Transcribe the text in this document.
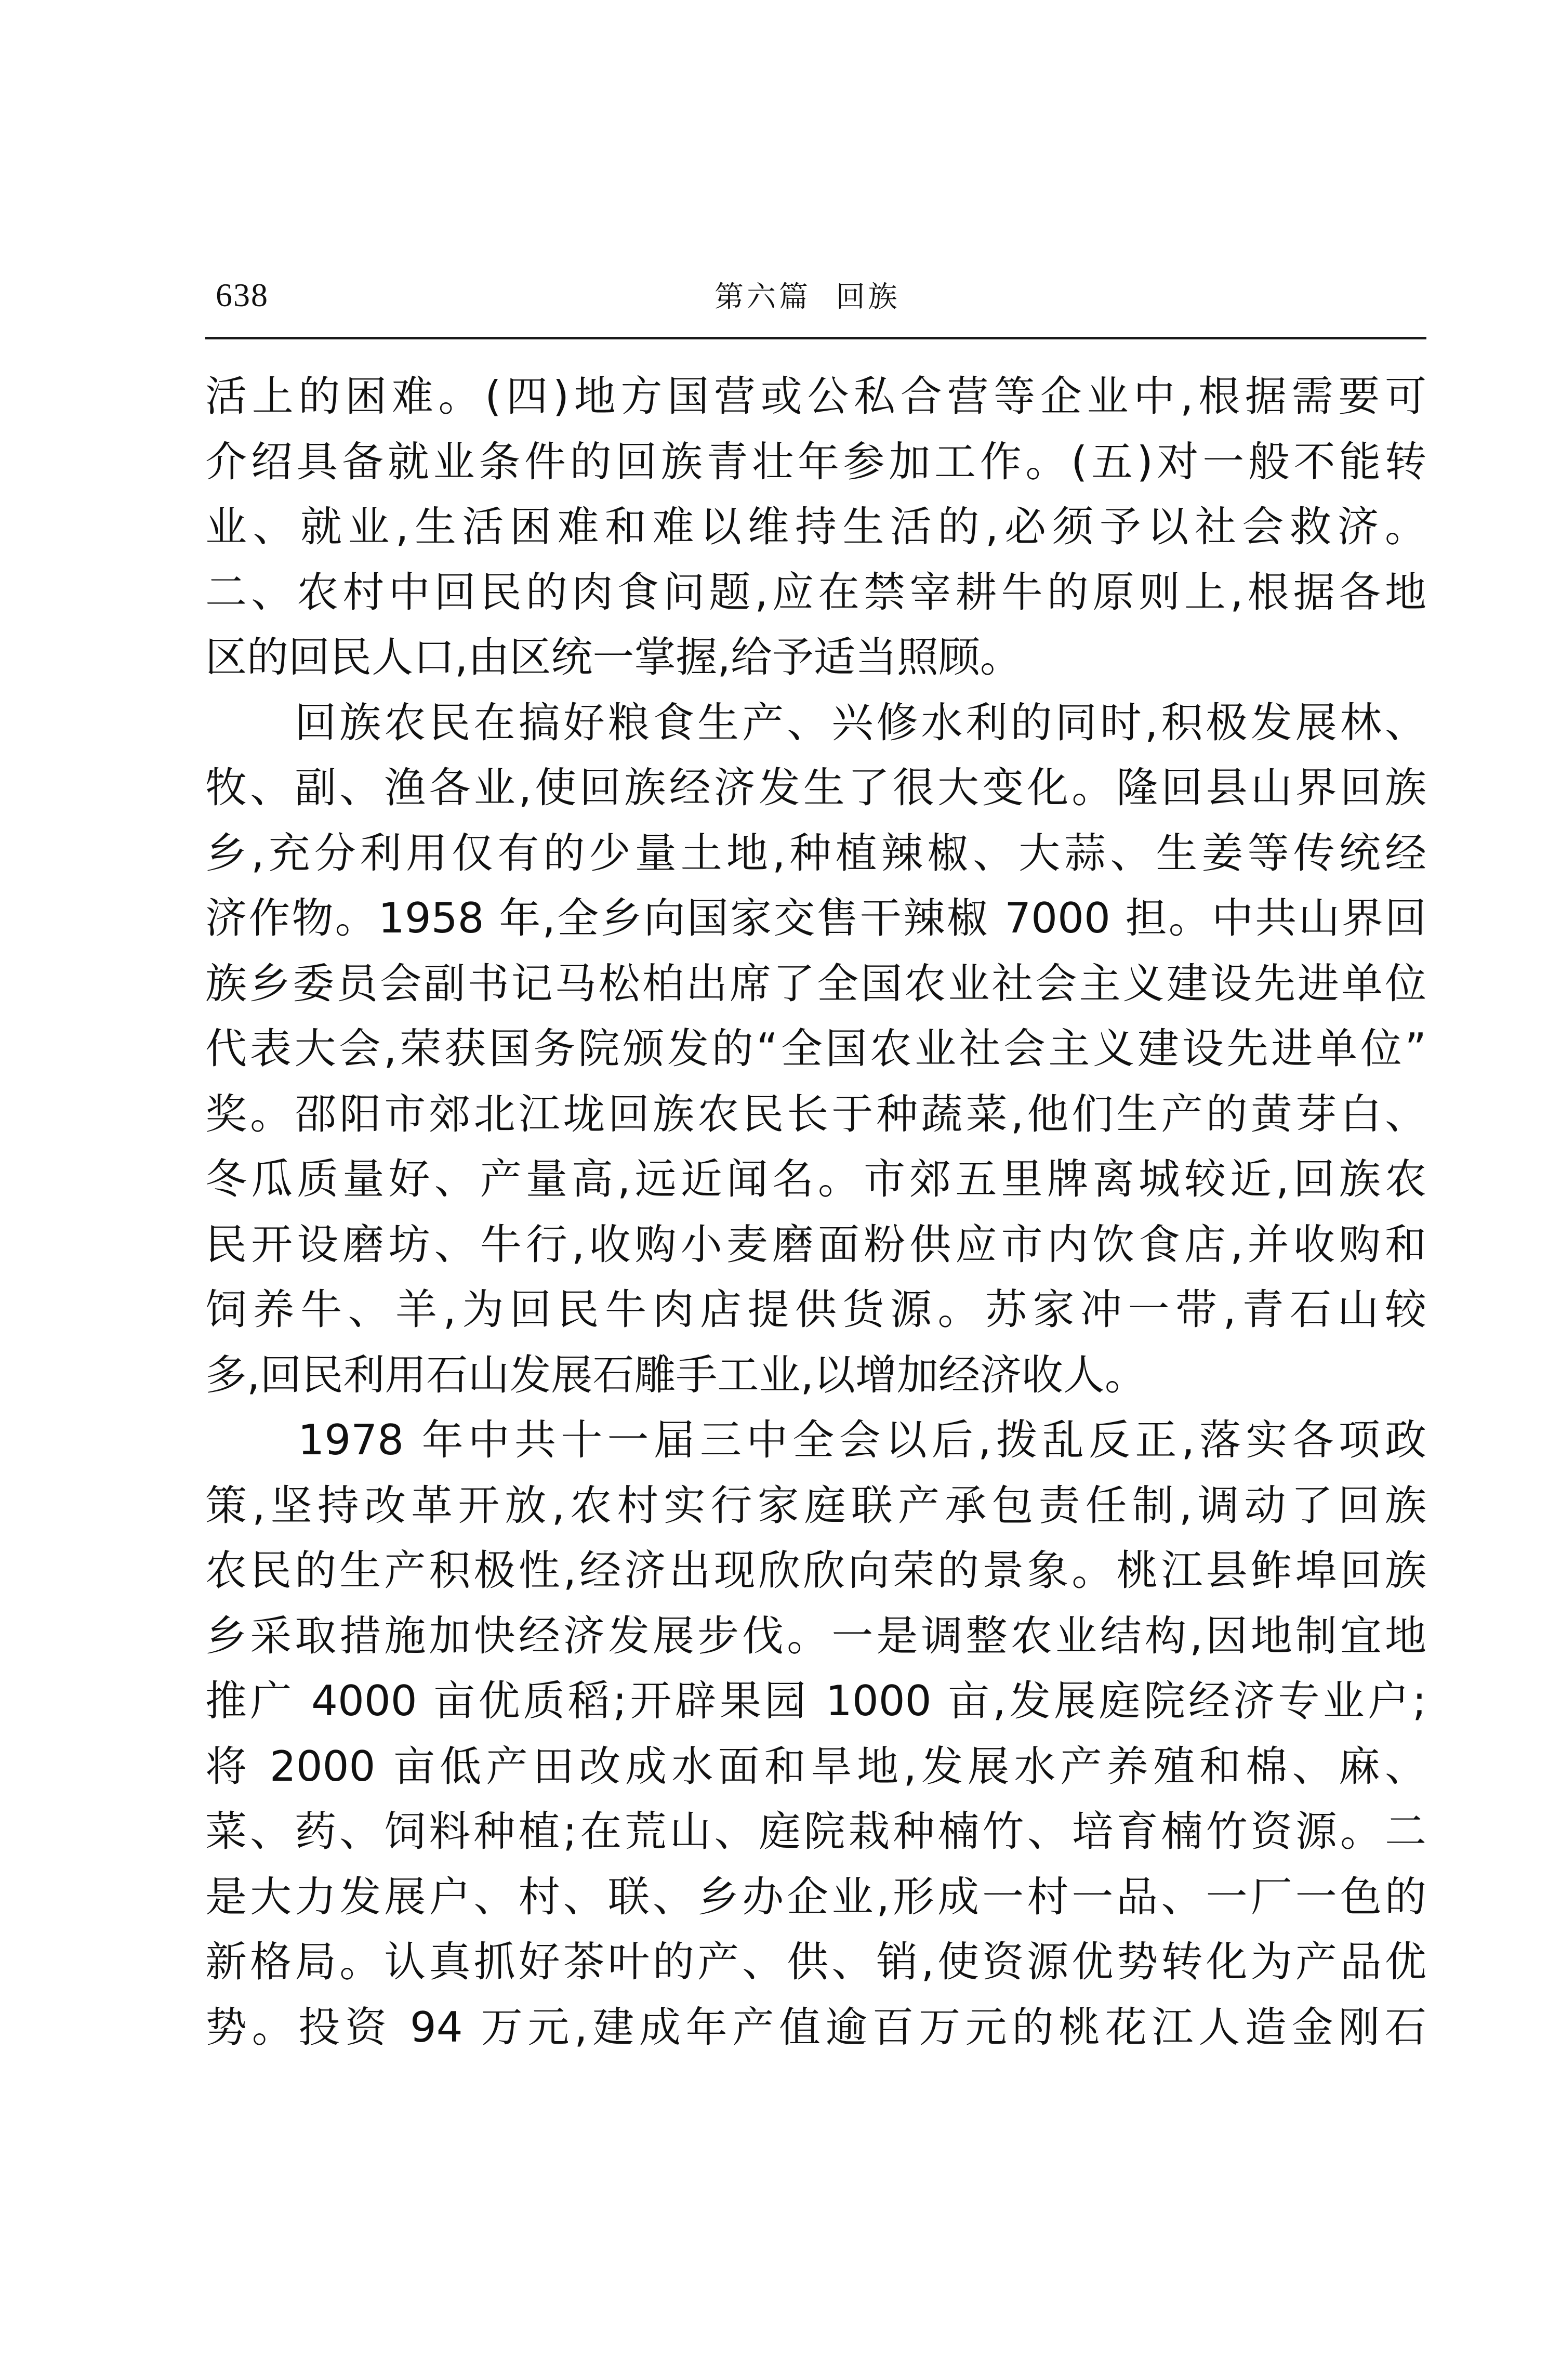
638	第六篇  回族
活上的困难。(四)地方国营或公私合营等企业中,根据需要可
介绍具备就业条件的回族青壮年参加工作。(五)对一般不能转
业、就业,生活困难和难以维持生活的,必须予以社会救济。
二、农村中回民的肉食问题,应在禁宰耕牛的原则上,根据各地
区的回民人口,由区统一掌握,给予适当照顾。
　　回族农民在搞好粮食生产、兴修水利的同时,积极发展林、
牧、副、渔各业,使回族经济发生了很大变化。隆回县山界回族
乡,充分利用仅有的少量土地,种植辣椒、大蒜、生姜等传统经
济作物。1958 年,全乡向国家交售干辣椒 7000 担。中共山界回
族乡委员会副书记马松柏出席了全国农业社会主义建设先进单位
代表大会,荣获国务院颁发的“全国农业社会主义建设先进单位”
奖。邵阳市郊北江垅回族农民长于种蔬菜,他们生产的黄芽白、
冬瓜质量好、产量高,远近闻名。市郊五里牌离城较近,回族农
民开设磨坊、牛行,收购小麦磨面粉供应市内饮食店,并收购和
饲养牛、羊,为回民牛肉店提供货源。苏家冲一带,青石山较
多,回民利用石山发展石雕手工业,以增加经济收人。
　　1978 年中共十一届三中全会以后,拨乱反正,落实各项政
策,坚持改革开放,农村实行家庭联产承包责任制,调动了回族
农民的生产积极性,经济出现欣欣向荣的景象。桃江县鲊埠回族
乡采取措施加快经济发展步伐。一是调整农业结构,因地制宜地
推广 4000 亩优质稻;开辟果园 1000 亩,发展庭院经济专业户;
将 2000 亩低产田改成水面和旱地,发展水产养殖和棉、麻、
菜、药、饲料种植;在荒山、庭院栽种楠竹、培育楠竹资源。二
是大力发展户、村、联、乡办企业,形成一村一品、一厂一色的
新格局。认真抓好茶叶的产、供、销,使资源优势转化为产品优
势。投资 94 万元,建成年产值逾百万元的桃花江人造金刚石
